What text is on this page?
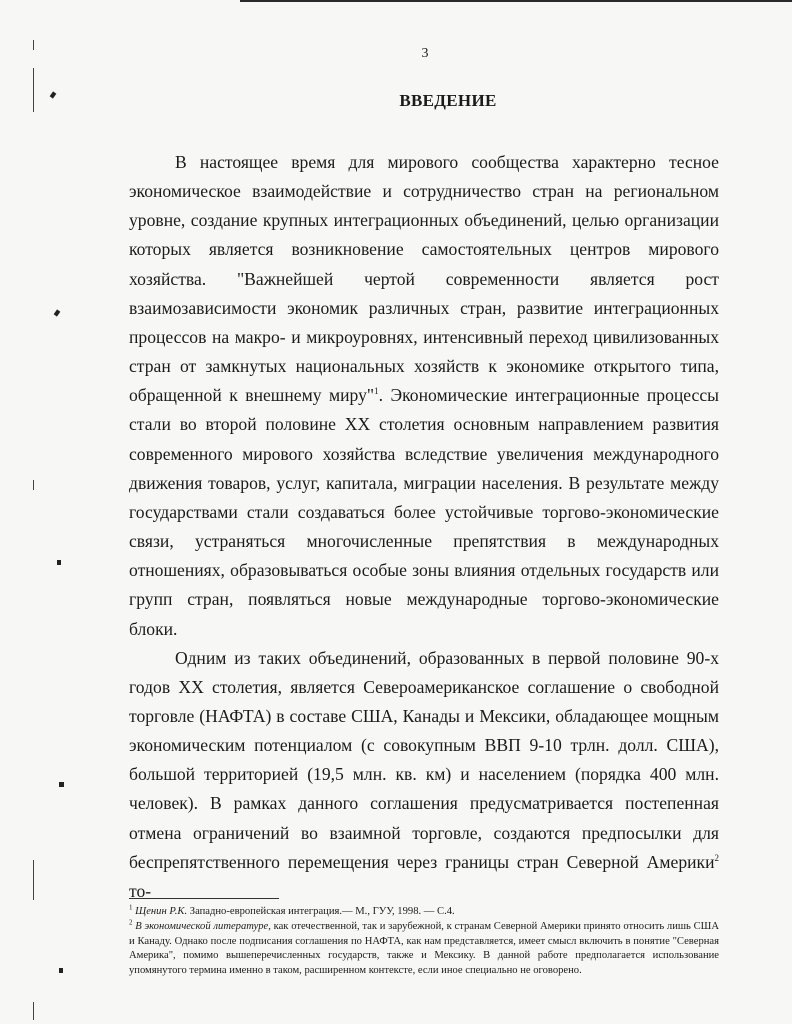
3
ВВЕДЕНИЕ

В настоящее время для мирового сообщества характерно тесное экономическое взаимодействие и сотрудничество стран на региональном уровне, создание крупных интеграционных объединений, целью организации которых является возникновение самостоятельных центров мирового хозяйства. "Важнейшей чертой современности является рост взаимозависимости экономик различных стран, развитие интеграционных процессов на макро- и микроуровнях, интенсивный переход цивилизованных стран от замкнутых национальных хозяйств к экономике открытого типа, обращенной к внешнему миру"$^1$. Экономические интеграционные процессы стали во второй половине XX столетия основным направлением развития современного мирового хозяйства вследствие увеличения международного движения товаров, услуг, капитала, миграции населения. В результате между государствами стали создаваться более устойчивые торгово-экономические связи, устраняться многочисленные препятствия в международных отношениях, образовываться особые зоны влияния отдельных государств или групп стран, появляться новые международные торгово-экономические блоки.

Одним из таких объединений, образованных в первой половине 90-х годов XX столетия, является Североамериканское соглашение о свободной торговле (НАФТА) в составе США, Канады и Мексики, обладающее мощным экономическим потенциалом (с совокупным ВВП 9-10 трлн. долл. США), большой территорией (19,5 млн. кв. км) и населением (порядка 400 млн. человек). В рамках данного соглашения предусматривается постепенная отмена ограничений во взаимной торговле, создаются предпосылки для беспрепятственного перемещения через границы стран Северной Америки$^2$ то-

$^1$ Щенин Р.К. Западно-европейская интеграция.— М., ГУУ, 1998. — С.4.

$^2$ В экономической литературе, как отечественной, так и зарубежной, к странам Северной Америки принято относить лишь США и Канаду. Однако после подписания соглашения по НАФТА, как нам представляется, имеет смысл включить в понятие "Северная Америка", помимо вышеперечисленных государств, также и Мексику. В данной работе предполагается использование упомянутого термина именно в таком, расширенном контексте, если иное специально не оговорено.
